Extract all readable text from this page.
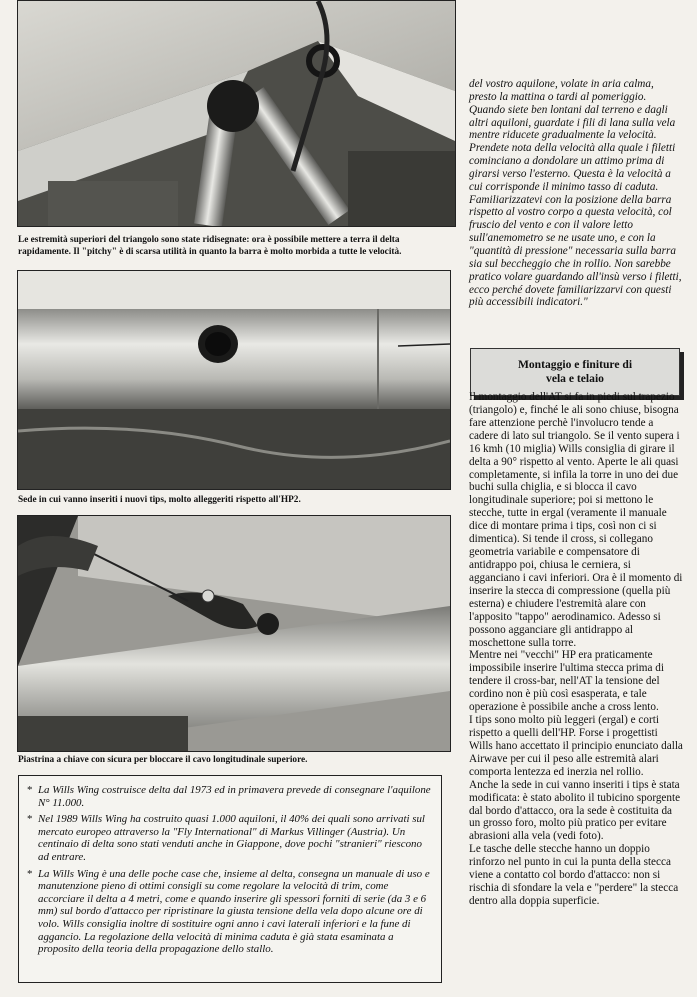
Le estremità superiori del triangolo sono state ridisegnate: ora è possibile mettere a terra il delta rapidamente. Il "pitchy" è di scarsa utilità in quanto la barra è molto morbida a tutte le velocità.
Sede in cui vanno inseriti i nuovi tips, molto alleggeriti rispetto all'HP2.
Piastrina a chiave con sicura per bloccare il cavo longitudinale superiore.

del vostro aquilone, volate in aria calma, presto la mattina o tardi al pomeriggio. Quando siete ben lontani dal terreno e dagli altri aquiloni, guardate i fili di lana sulla vela mentre riducete gradualmente la velocità. Prendete nota della velocità alla quale i filetti cominciano a dondolare un attimo prima di girarsi verso l'esterno. Questa è la velocità a cui corrisponde il minimo tasso di caduta. Familiarizzatevi con la posizione della barra rispetto al vostro corpo a questa velocità, col fruscio del vento e con il valore letto sull'anemometro se ne usate uno, e con la "quantità di pressione" necessaria sulla barra sia sul beccheggio che in rollio. Non sarebbe pratico volare guardando all'insù verso i filetti, ecco perché dovete familiarizzarvi con questi più accessibili indicatori."

Montaggio e finiture di vela e telaio

Il montaggio dell'AT si fa in piedi sul trapezio (triangolo) e, finché le ali sono chiuse, bisogna fare attenzione perchè l'involucro tende a cadere di lato sul triangolo. Se il vento supera i 16 kmh (10 miglia) Wills consiglia di girare il delta a 90° rispetto al vento. Aperte le ali quasi completamente, si infila la torre in uno dei due buchi sulla chiglia, e si blocca il cavo longitudinale superiore; poi si mettono le stecche, tutte in ergal (veramente il manuale dice di montare prima i tips, così non ci si dimentica). Si tende il cross, si collegano geometria variabile e compensatore di antidrappo poi, chiusa le cerniera, si agganciano i cavi inferiori. Ora è il momento di inserire la stecca di compressione (quella più esterna) e chiudere l'estremità alare con l'apposito "tappo" aerodinamico. Adesso si possono agganciare gli antidrappo al moschettone sulla torre.

Mentre nei "vecchi" HP era praticamente impossibile inserire l'ultima stecca prima di tendere il cross-bar, nell'AT la tensione del cordino non è più così esasperata, e tale operazione è possibile anche a cross lento.

I tips sono molto più leggeri (ergal) e corti rispetto a quelli dell'HP. Forse i progettisti Wills hano accettato il principio enunciato dalla Airwave per cui il peso alle estremità alari comporta lentezza ed inerzia nel rollio.

Anche la sede in cui vanno inseriti i tips è stata modificata: è stato abolito il tubicino sporgente dal bordo d'attacco, ora la sede è costituita da un grosso foro, molto più pratico per evitare abrasioni alla vela (vedi foto).

Le tasche delle stecche hanno un doppio rinforzo nel punto in cui la punta della stecca viene a contatto col bordo d'attacco: non si rischia di sfondare la vela e "perdere" la stecca dentro alla doppia superficie.

* La Wills Wing costruisce delta dal 1973 ed in primavera prevede di consegnare l'aquilone N° 11.000.
* Nel 1989 Wills Wing ha costruito quasi 1.000 aquiloni, il 40% dei quali sono arrivati sul mercato europeo attraverso la "Fly International" di Markus Villinger (Austria). Un centinaio di delta sono stati venduti anche in Giappone, dove pochi "stranieri" riescono ad entrare.
* La Wills Wing è una delle poche case che, insieme al delta, consegna un manuale di uso e manutenzione pieno di ottimi consigli su come regolare la velocità di trim, come accorciare il delta a 4 metri, come e quando inserire gli spessori forniti di serie (da 3 e 6 mm) sul bordo d'attacco per ripristinare la giusta tensione della vela dopo alcune ore di volo. Wills consiglia inoltre di sostituire ogni anno i cavi laterali inferiori e la fune di aggancio. La regolazione della velocità di minima caduta è già stata esaminata a proposito della teoria della propagazione dello stallo.
